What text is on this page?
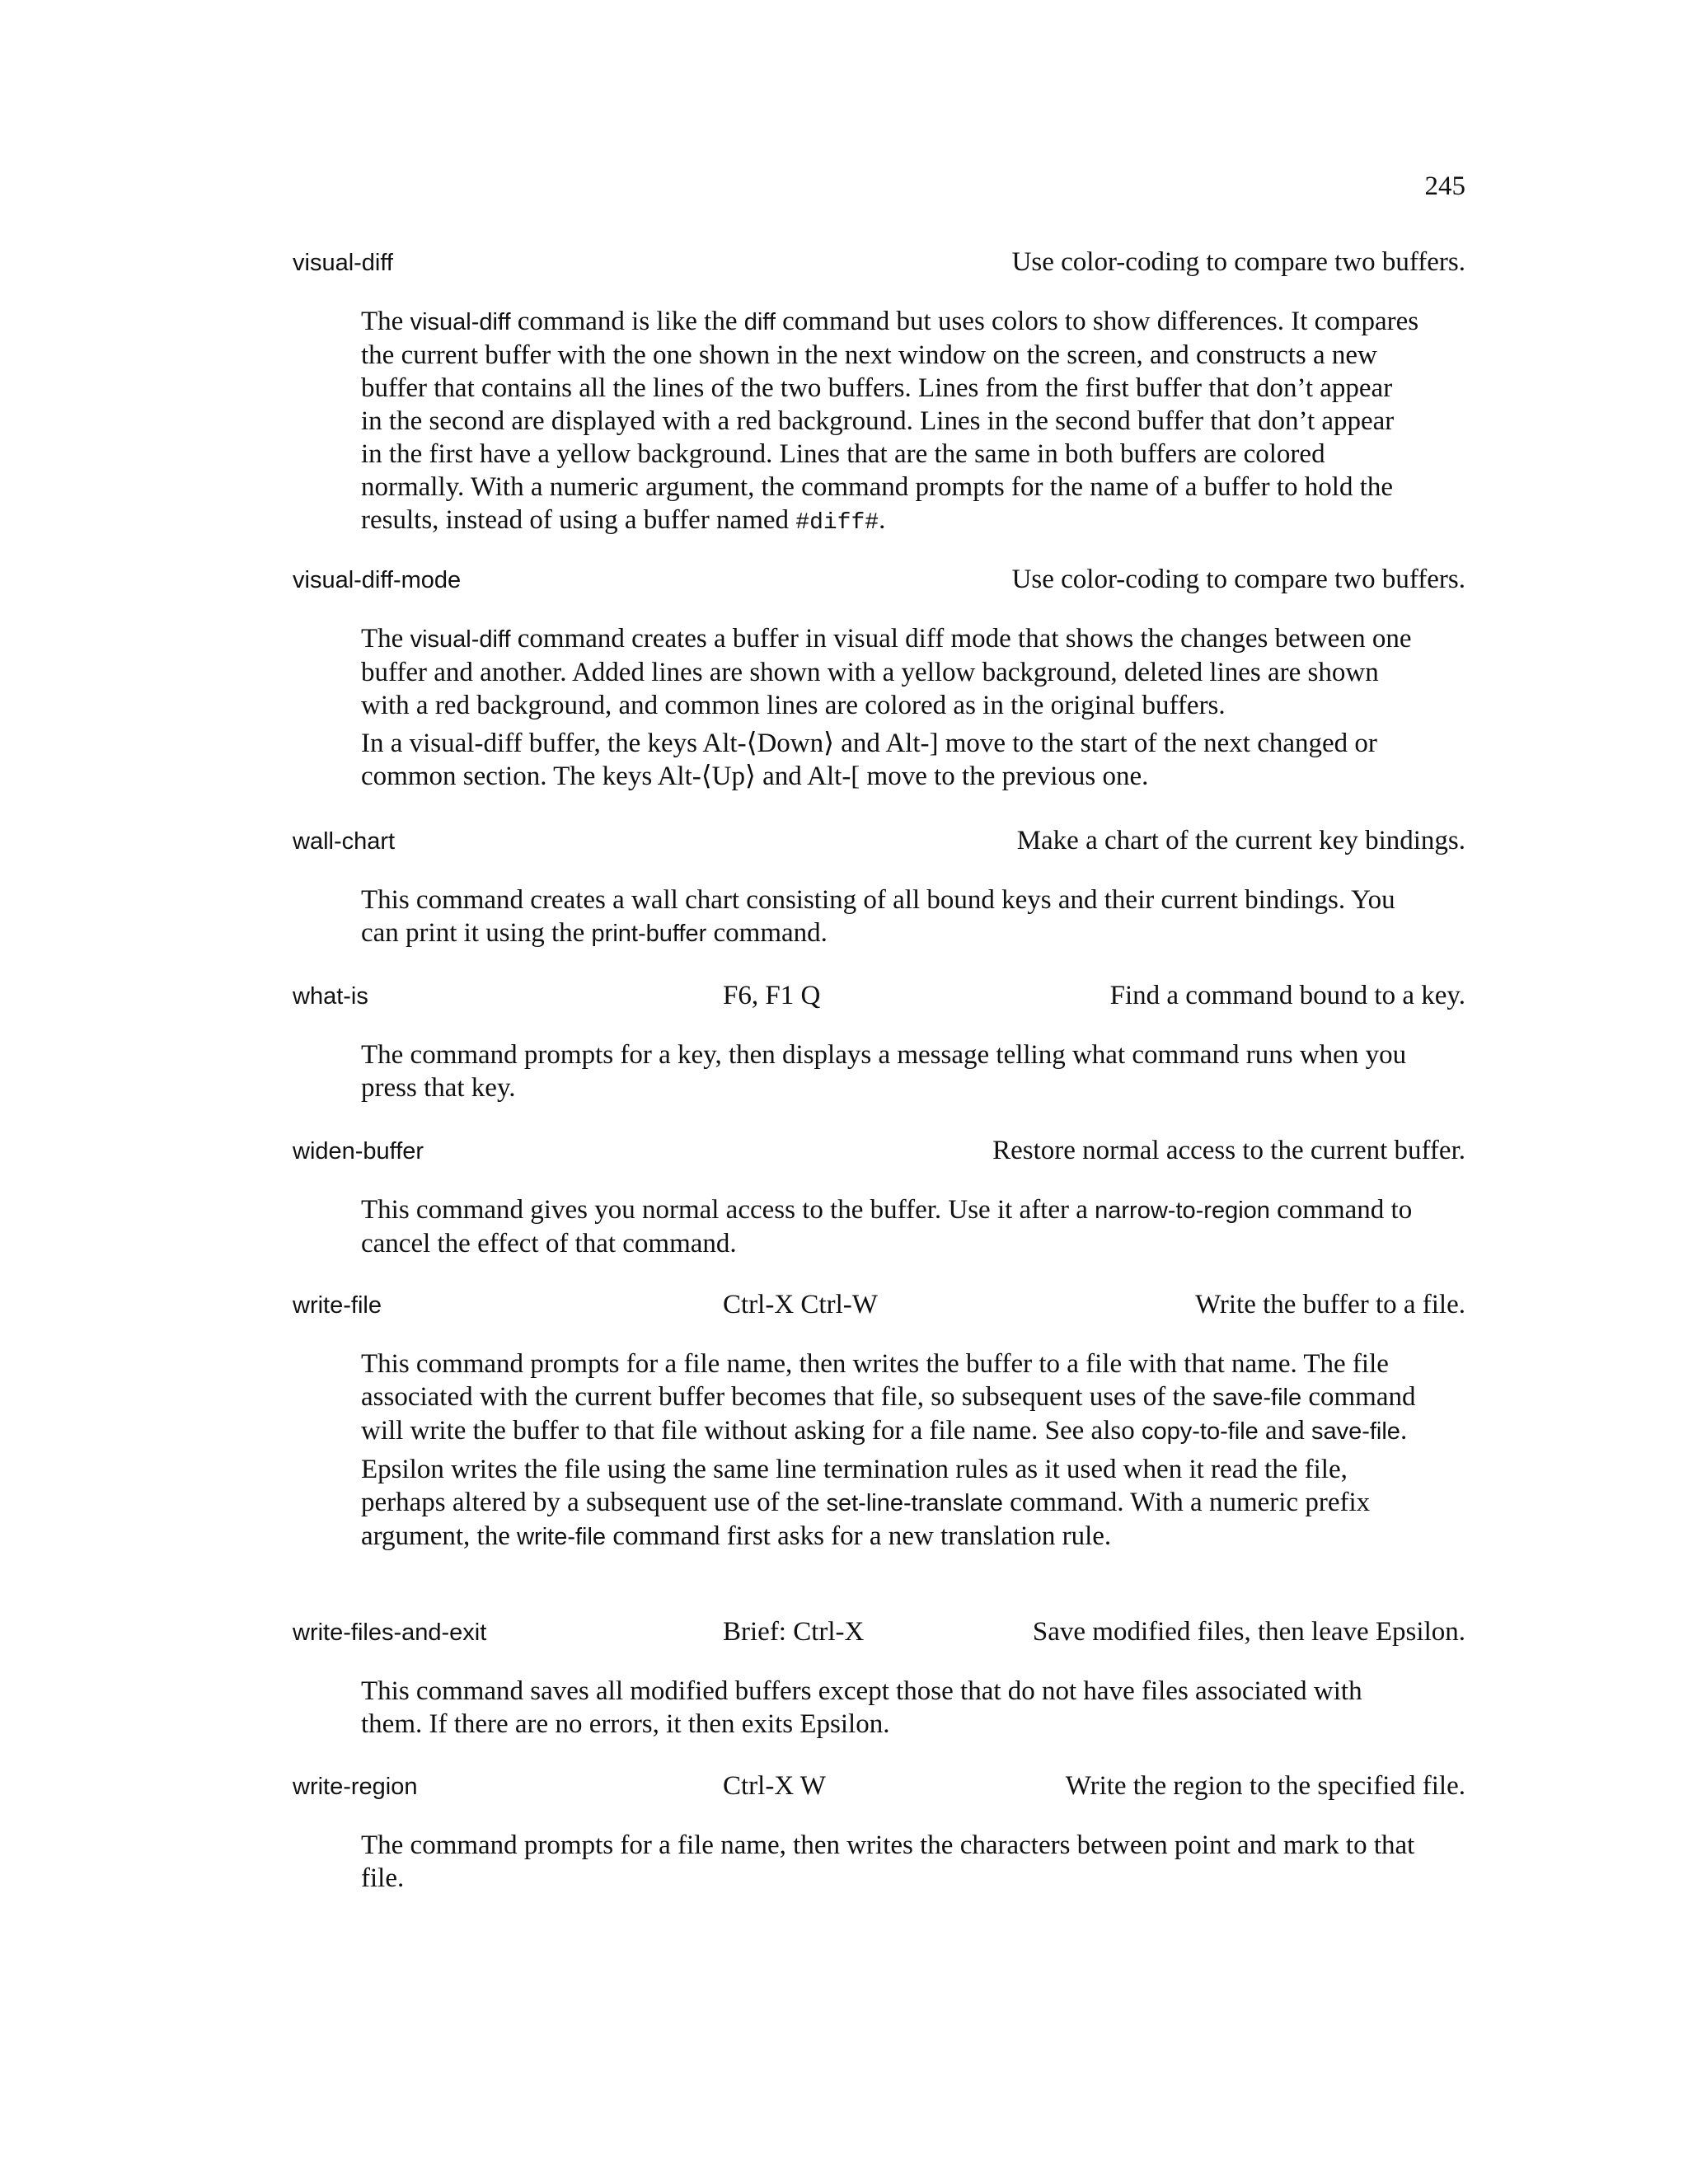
245
visual-diff	Use color-coding to compare two buffers.

The visual-diff command is like the diff command but uses colors to show differences. It compares the current buffer with the one shown in the next window on the screen, and constructs a new buffer that contains all the lines of the two buffers. Lines from the first buffer that don’t appear in the second are displayed with a red background. Lines in the second buffer that don’t appear in the first have a yellow background. Lines that are the same in both buffers are colored normally. With a numeric argument, the command prompts for the name of a buffer to hold the results, instead of using a buffer named #diff#.

visual-diff-mode	Use color-coding to compare two buffers.

The visual-diff command creates a buffer in visual diff mode that shows the changes between one buffer and another. Added lines are shown with a yellow background, deleted lines are shown with a red background, and common lines are colored as in the original buffers.

In a visual-diff buffer, the keys Alt-⟨Down⟩ and Alt-] move to the start of the next changed or common section. The keys Alt-⟨Up⟩ and Alt-[ move to the previous one.

wall-chart	Make a chart of the current key bindings.

This command creates a wall chart consisting of all bound keys and their current bindings. You can print it using the print-buffer command.

what-is	F6, F1 Q	Find a command bound to a key.

The command prompts for a key, then displays a message telling what command runs when you press that key.

widen-buffer	Restore normal access to the current buffer.

This command gives you normal access to the buffer. Use it after a narrow-to-region command to cancel the effect of that command.

write-file	Ctrl-X Ctrl-W	Write the buffer to a file.

This command prompts for a file name, then writes the buffer to a file with that name. The file associated with the current buffer becomes that file, so subsequent uses of the save-file command will write the buffer to that file without asking for a file name. See also copy-to-file and save-file.

Epsilon writes the file using the same line termination rules as it used when it read the file, perhaps altered by a subsequent use of the set-line-translate command. With a numeric prefix argument, the write-file command first asks for a new translation rule.

write-files-and-exit	Brief: Ctrl-X	Save modified files, then leave Epsilon.

This command saves all modified buffers except those that do not have files associated with them. If there are no errors, it then exits Epsilon.

write-region	Ctrl-X W	Write the region to the specified file.

The command prompts for a file name, then writes the characters between point and mark to that file.
